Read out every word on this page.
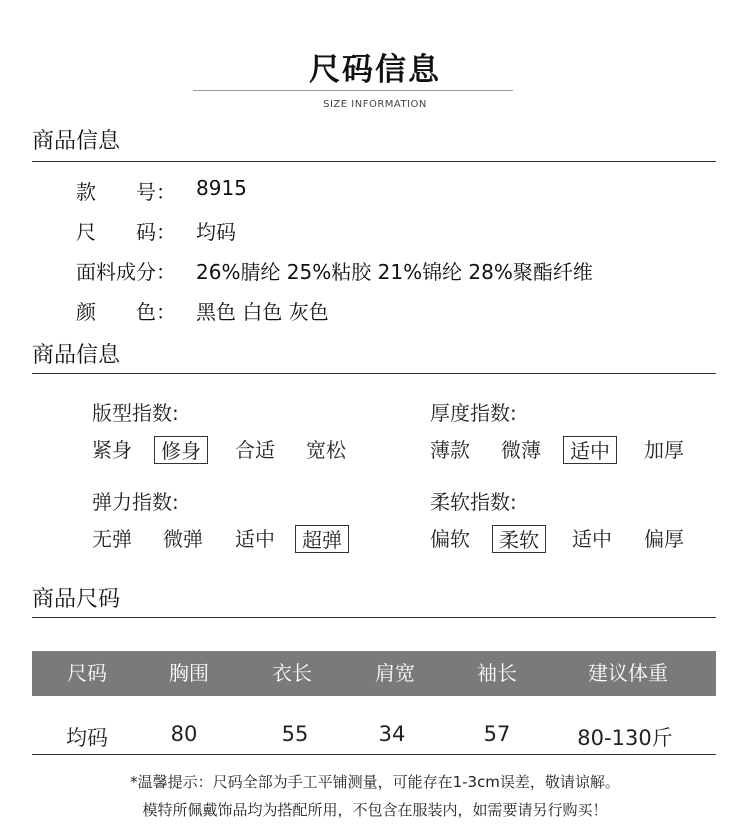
尺码信息
SIZE INFORMATION
商品信息
款　　号：	8915
尺　　码：	均码
面料成分：	26%腈纶 25%粘胶 21%锦纶 28%聚酯纤维
颜　　色：	黑色 白色 灰色
商品信息
版型指数:
紧身	修身	合适	宽松
厚度指数:
薄款	微薄	适中	加厚
弹力指数:
无弹	微弹	适中	超弹
柔软指数:
偏软	柔软	适中	偏厚
商品尺码
尺码	胸围	衣长	肩宽	袖长	建议体重
均码	80	55	34	57	80-130斤
*温馨提示：尺码全部为手工平铺测量，可能存在1-3cm误差，敬请谅解。
模特所佩戴饰品均为搭配所用，不包含在服装内，如需要请另行购买！
